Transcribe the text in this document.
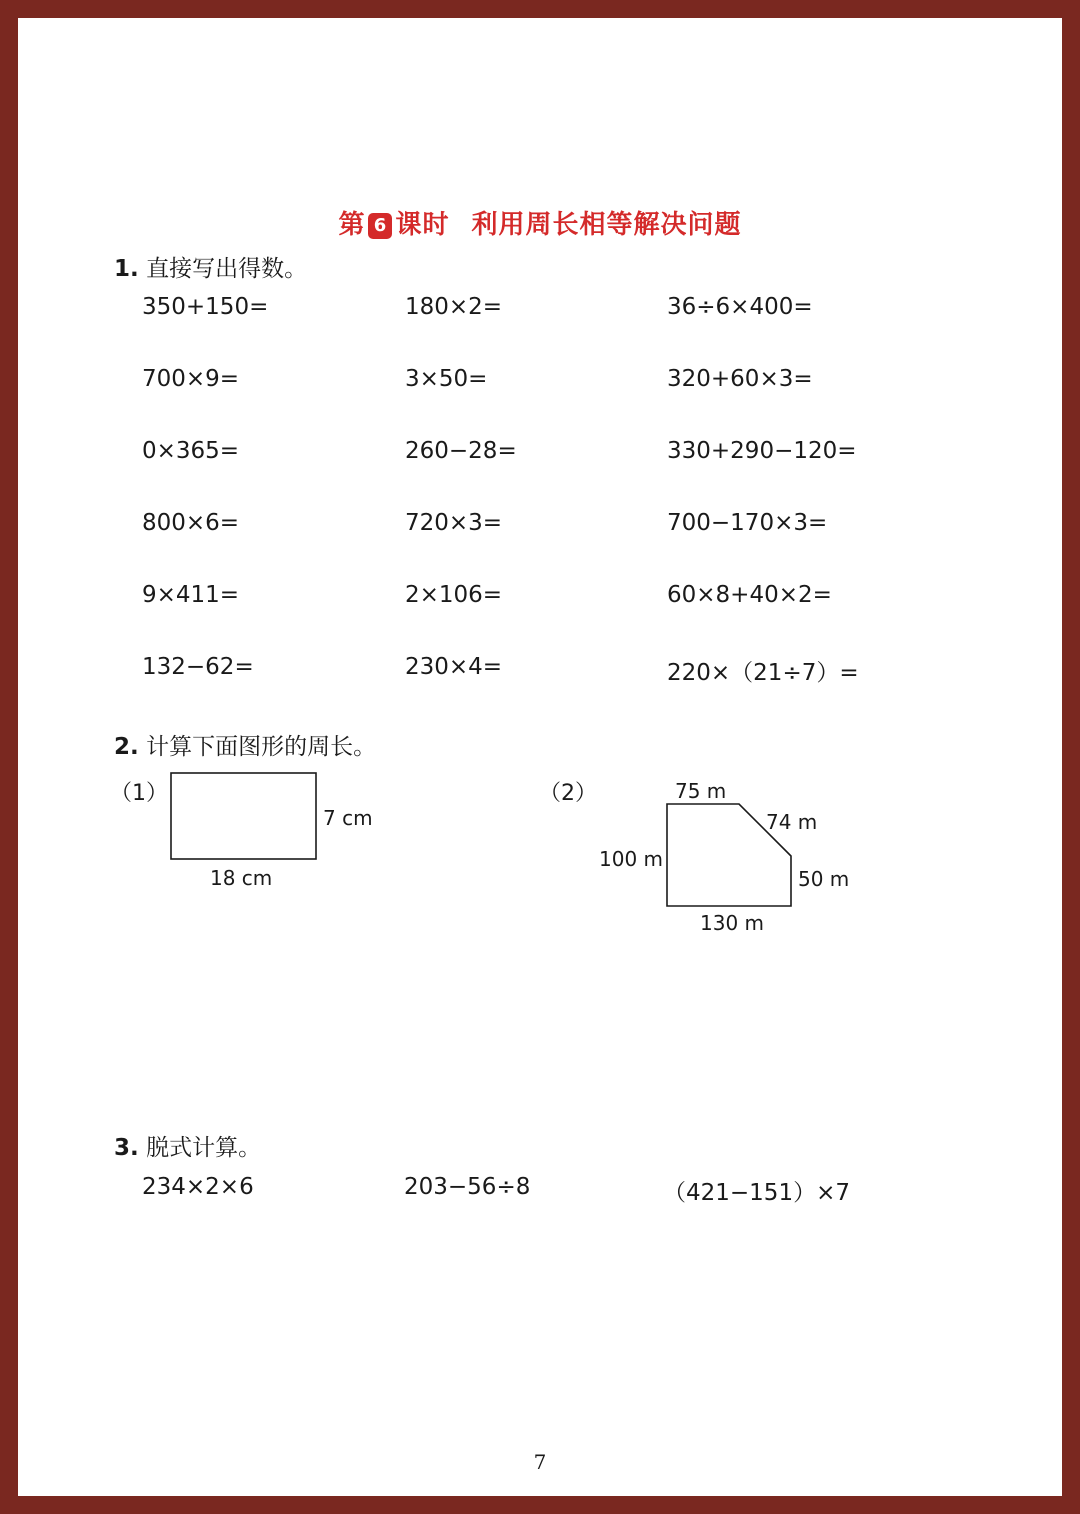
第 6 课时 利用周长相等解决问题
1. 直接写出得数。
350+150=	180×2=	36÷6×400=
700×9=	3×50=	320+60×3=
0×365=	260−28=	330+290−120=
800×6=	720×3=	700−170×3=
9×411=	2×106=	60×8+40×2=
132−62=	230×4=	220×（21÷7）=
2. 计算下面图形的周长。
（1）
7 cm
18 cm
（2）	75 m
74 m
100 m
50 m
130 m
3. 脱式计算。
234×2×6	203−56÷8	（421−151）×7
7
